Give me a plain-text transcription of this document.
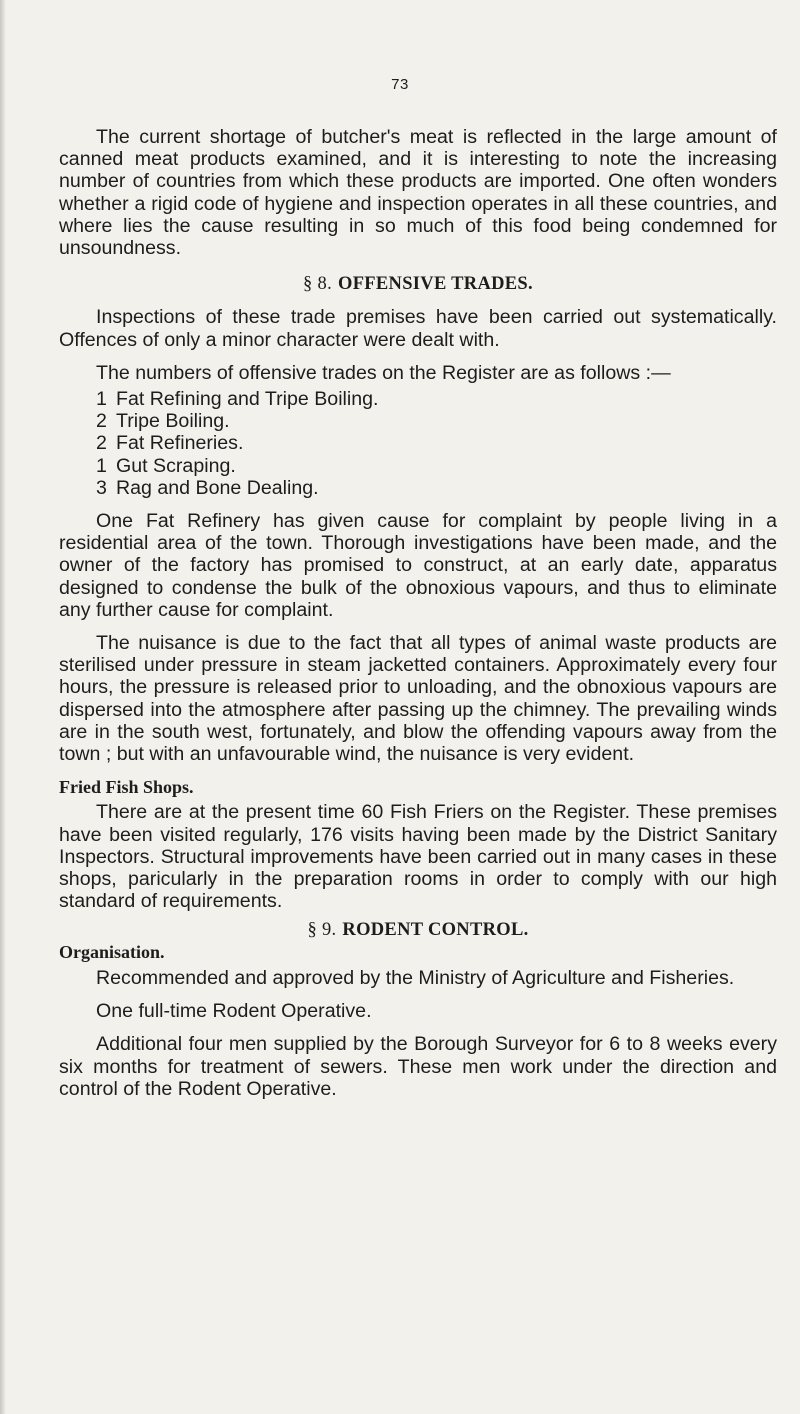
73

The current shortage of butcher's meat is reflected in the large amount of canned meat products examined, and it is interesting to note the increasing number of countries from which these products are imported. One often wonders whether a rigid code of hygiene and inspection operates in all these countries, and where lies the cause resulting in so much of this food being condemned for unsoundness.

§ 8. OFFENSIVE TRADES.

Inspections of these trade premises have been carried out systematically. Offences of only a minor character were dealt with.

The numbers of offensive trades on the Register are as follows :—

1 Fat Refining and Tripe Boiling.
2 Tripe Boiling.
2 Fat Refineries.
1 Gut Scraping.
3 Rag and Bone Dealing.

One Fat Refinery has given cause for complaint by people living in a residential area of the town. Thorough investigations have been made, and the owner of the factory has promised to construct, at an early date, apparatus designed to condense the bulk of the obnoxious vapours, and thus to eliminate any further cause for complaint.

The nuisance is due to the fact that all types of animal waste products are sterilised under pressure in steam jacketted containers. Approximately every four hours, the pressure is released prior to unloading, and the obnoxious vapours are dispersed into the atmosphere after passing up the chimney. The prevailing winds are in the south west, fortunately, and blow the offending vapours away from the town ; but with an unfavourable wind, the nuisance is very evident.

Fried Fish Shops.

There are at the present time 60 Fish Friers on the Register. These premises have been visited regularly, 176 visits having been made by the District Sanitary Inspectors. Structural improvements have been carried out in many cases in these shops, paricularly in the preparation rooms in order to comply with our high standard of requirements.

§ 9. RODENT CONTROL.

Organisation.

Recommended and approved by the Ministry of Agriculture and Fisheries.

One full-time Rodent Operative.

Additional four men supplied by the Borough Surveyor for 6 to 8 weeks every six months for treatment of sewers. These men work under the direction and control of the Rodent Operative.
